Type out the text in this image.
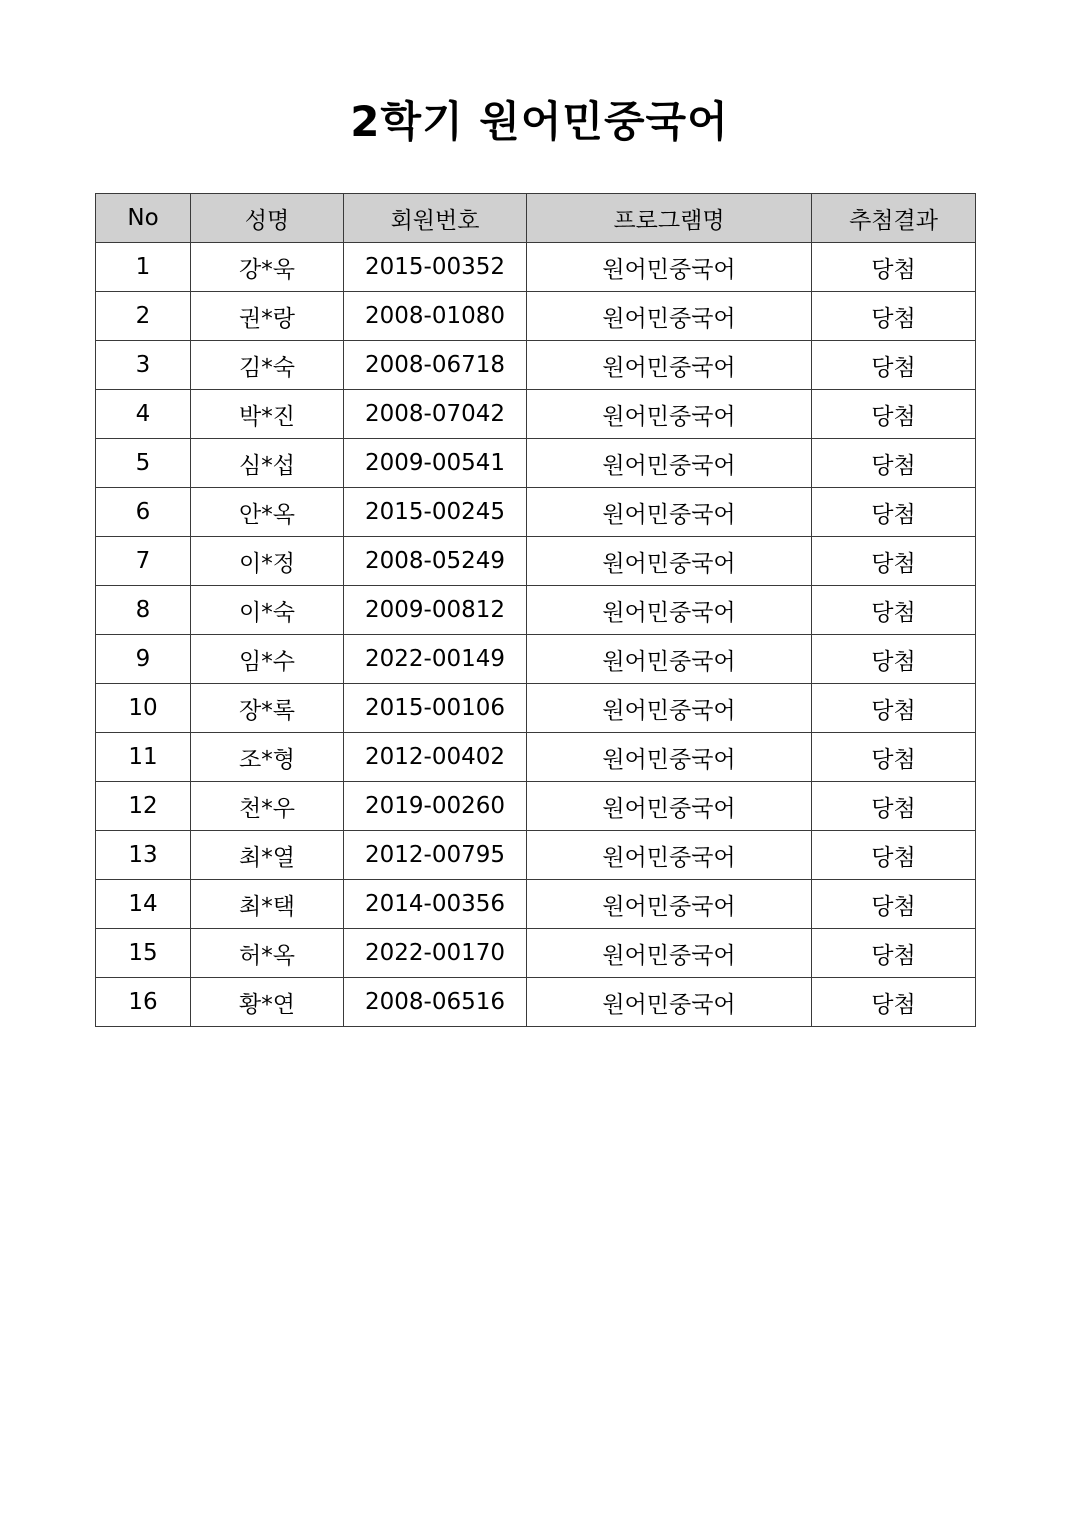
2학기 원어민중국어
No	성명	회원번호	프로그램명	추첨결과
1	강*욱	2015-00352	원어민중국어	당첨
2	권*랑	2008-01080	원어민중국어	당첨
3	김*숙	2008-06718	원어민중국어	당첨
4	박*진	2008-07042	원어민중국어	당첨
5	심*섭	2009-00541	원어민중국어	당첨
6	안*옥	2015-00245	원어민중국어	당첨
7	이*정	2008-05249	원어민중국어	당첨
8	이*숙	2009-00812	원어민중국어	당첨
9	임*수	2022-00149	원어민중국어	당첨
10	장*록	2015-00106	원어민중국어	당첨
11	조*형	2012-00402	원어민중국어	당첨
12	천*우	2019-00260	원어민중국어	당첨
13	최*열	2012-00795	원어민중국어	당첨
14	최*택	2014-00356	원어민중국어	당첨
15	허*옥	2022-00170	원어민중국어	당첨
16	황*연	2008-06516	원어민중국어	당첨
